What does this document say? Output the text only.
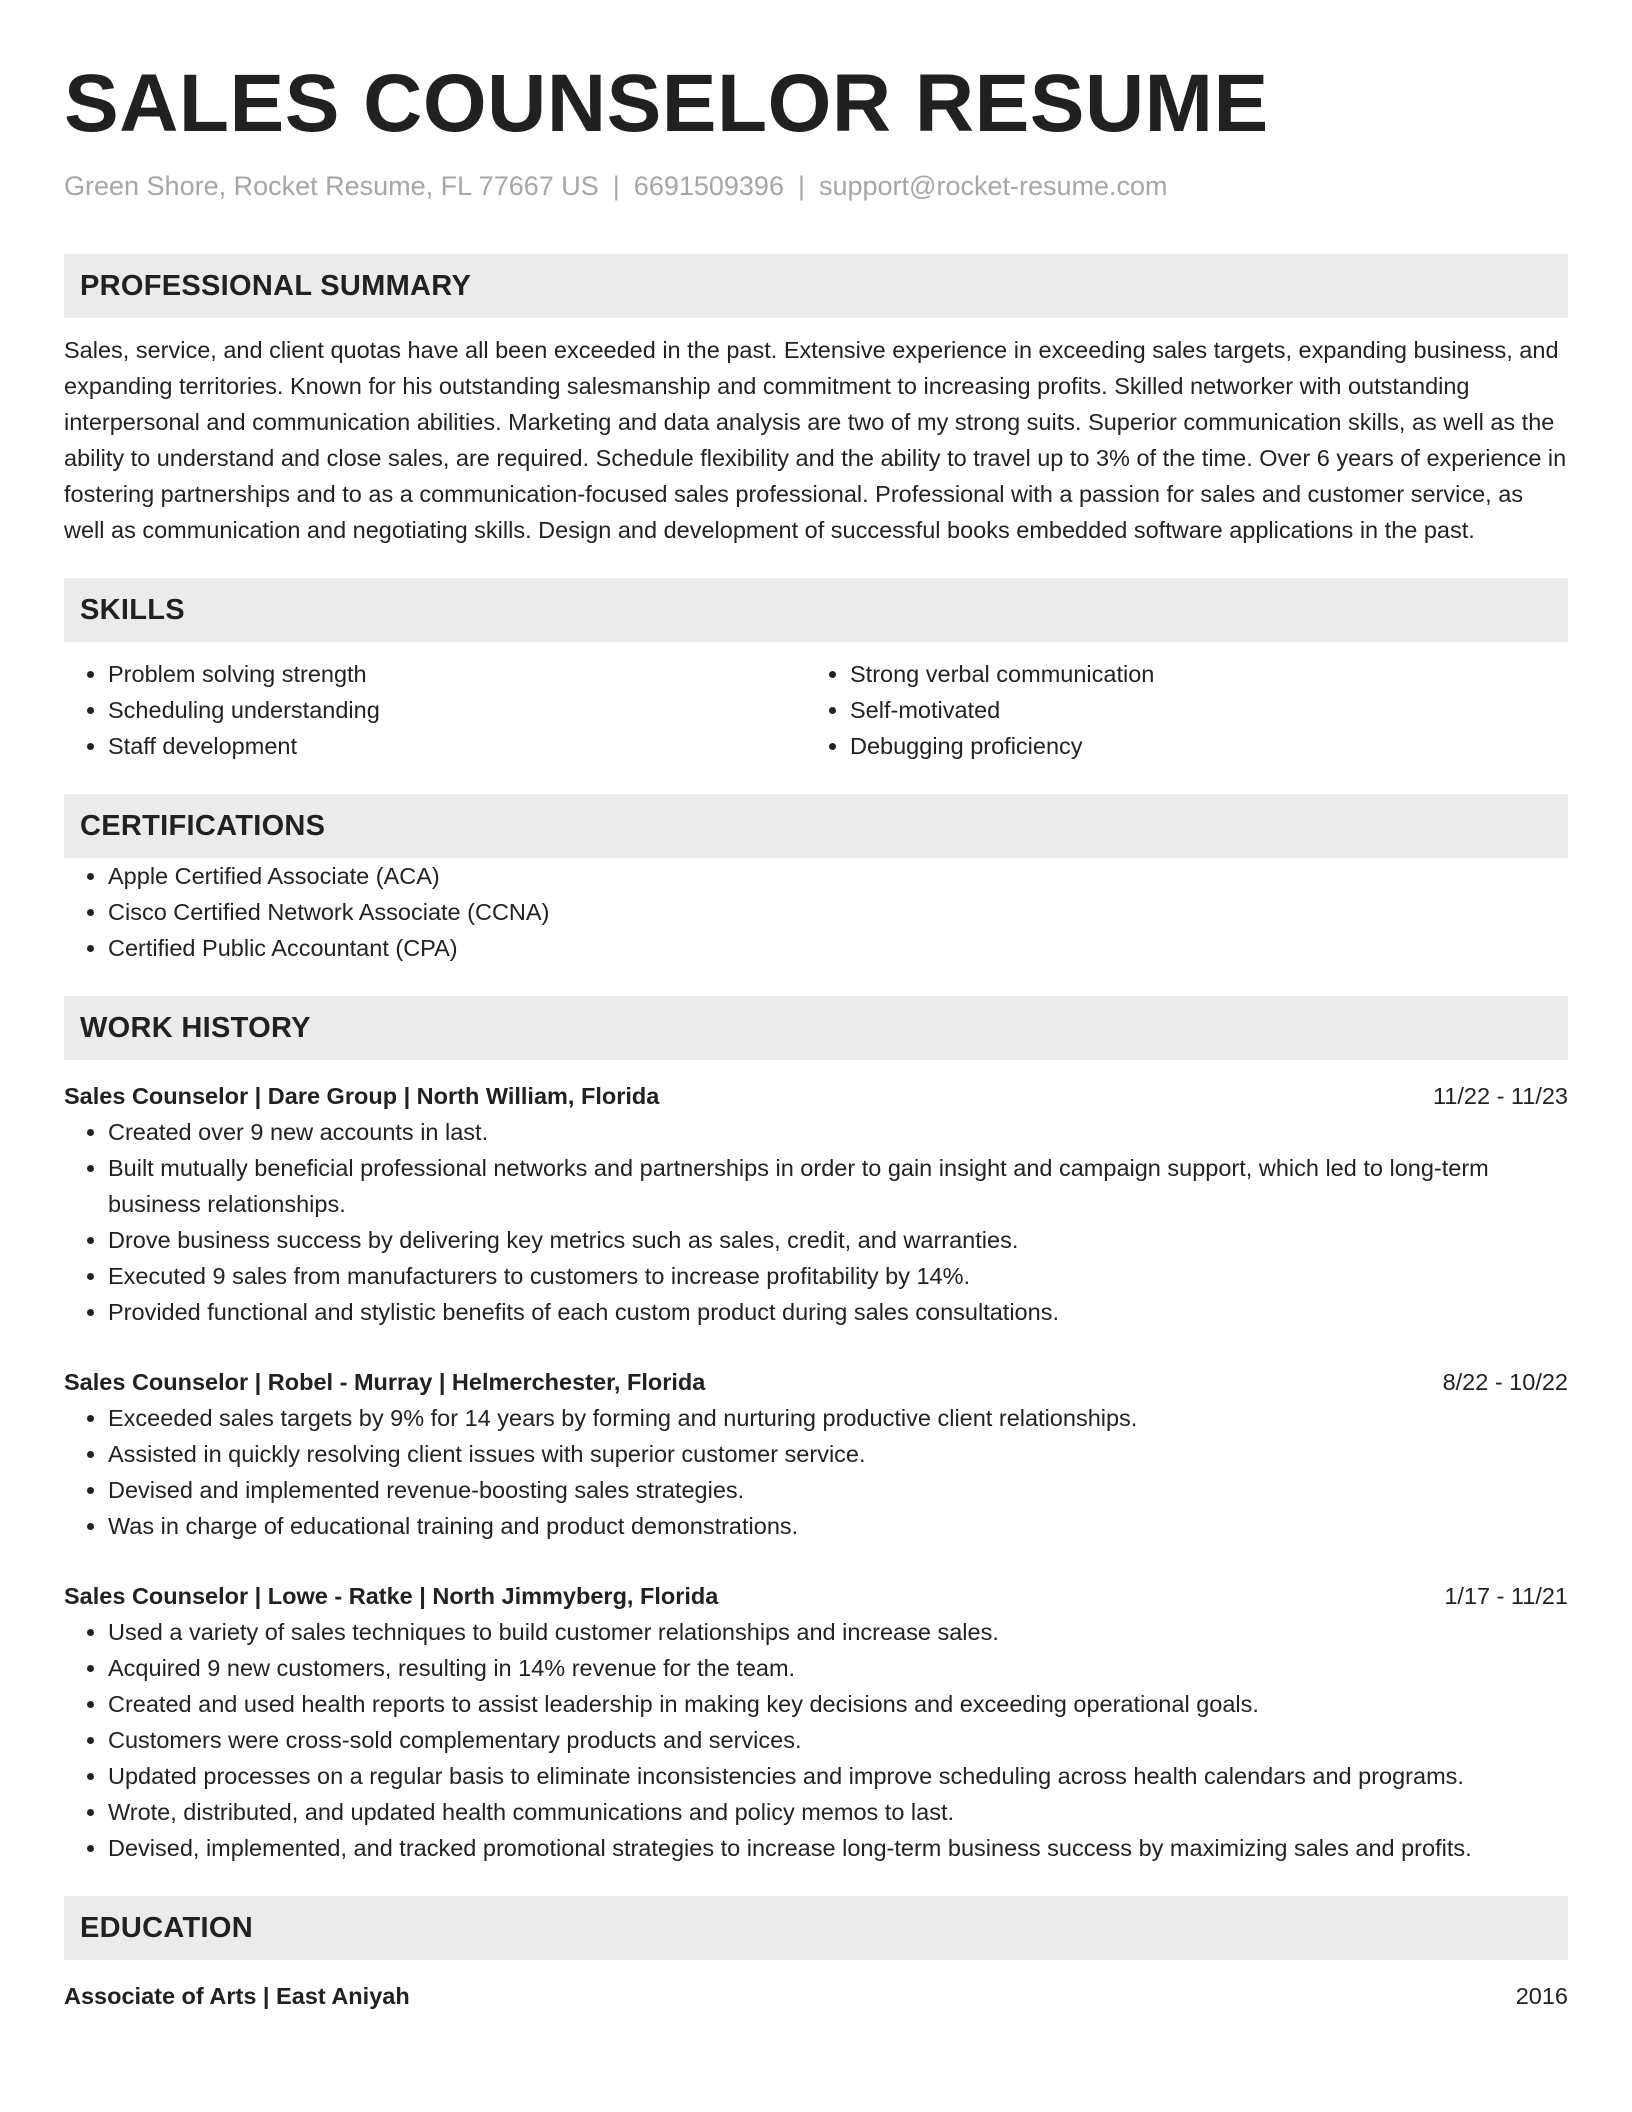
SALES COUNSELOR RESUME
Green Shore, Rocket Resume, FL 77667 US | 6691509396 | support@rocket-resume.com
PROFESSIONAL SUMMARY

Sales, service, and client quotas have all been exceeded in the past. Extensive experience in exceeding sales targets, expanding business, and expanding territories. Known for his outstanding salesmanship and commitment to increasing profits. Skilled networker with outstanding interpersonal and communication abilities. Marketing and data analysis are two of my strong suits. Superior communication skills, as well as the ability to understand and close sales, are required. Schedule flexibility and the ability to travel up to 3% of the time. Over 6 years of experience in fostering partnerships and to as a communication-focused sales professional. Professional with a passion for sales and customer service, as well as communication and negotiating skills. Design and development of successful books embedded software applications in the past.

SKILLS
• Problem solving strength
• Scheduling understanding
• Staff development
• Strong verbal communication
• Self-motivated
• Debugging proficiency
CERTIFICATIONS
• Apple Certified Associate (ACA)
• Cisco Certified Network Associate (CCNA)
• Certified Public Accountant (CPA)
WORK HISTORY
Sales Counselor | Dare Group | North William, Florida	11/22 - 11/23
• Created over 9 new accounts in last.
• Built mutually beneficial professional networks and partnerships in order to gain insight and campaign support, which led to long-term business relationships.
• Drove business success by delivering key metrics such as sales, credit, and warranties.
• Executed 9 sales from manufacturers to customers to increase profitability by 14%.
• Provided functional and stylistic benefits of each custom product during sales consultations.
Sales Counselor | Robel - Murray | Helmerchester, Florida	8/22 - 10/22
• Exceeded sales targets by 9% for 14 years by forming and nurturing productive client relationships.
• Assisted in quickly resolving client issues with superior customer service.
• Devised and implemented revenue-boosting sales strategies.
• Was in charge of educational training and product demonstrations.
Sales Counselor | Lowe - Ratke | North Jimmyberg, Florida	1/17 - 11/21
• Used a variety of sales techniques to build customer relationships and increase sales.
• Acquired 9 new customers, resulting in 14% revenue for the team.
• Created and used health reports to assist leadership in making key decisions and exceeding operational goals.
• Customers were cross-sold complementary products and services.
• Updated processes on a regular basis to eliminate inconsistencies and improve scheduling across health calendars and programs.
• Wrote, distributed, and updated health communications and policy memos to last.
• Devised, implemented, and tracked promotional strategies to increase long-term business success by maximizing sales and profits.
EDUCATION
Associate of Arts | East Aniyah	2016
